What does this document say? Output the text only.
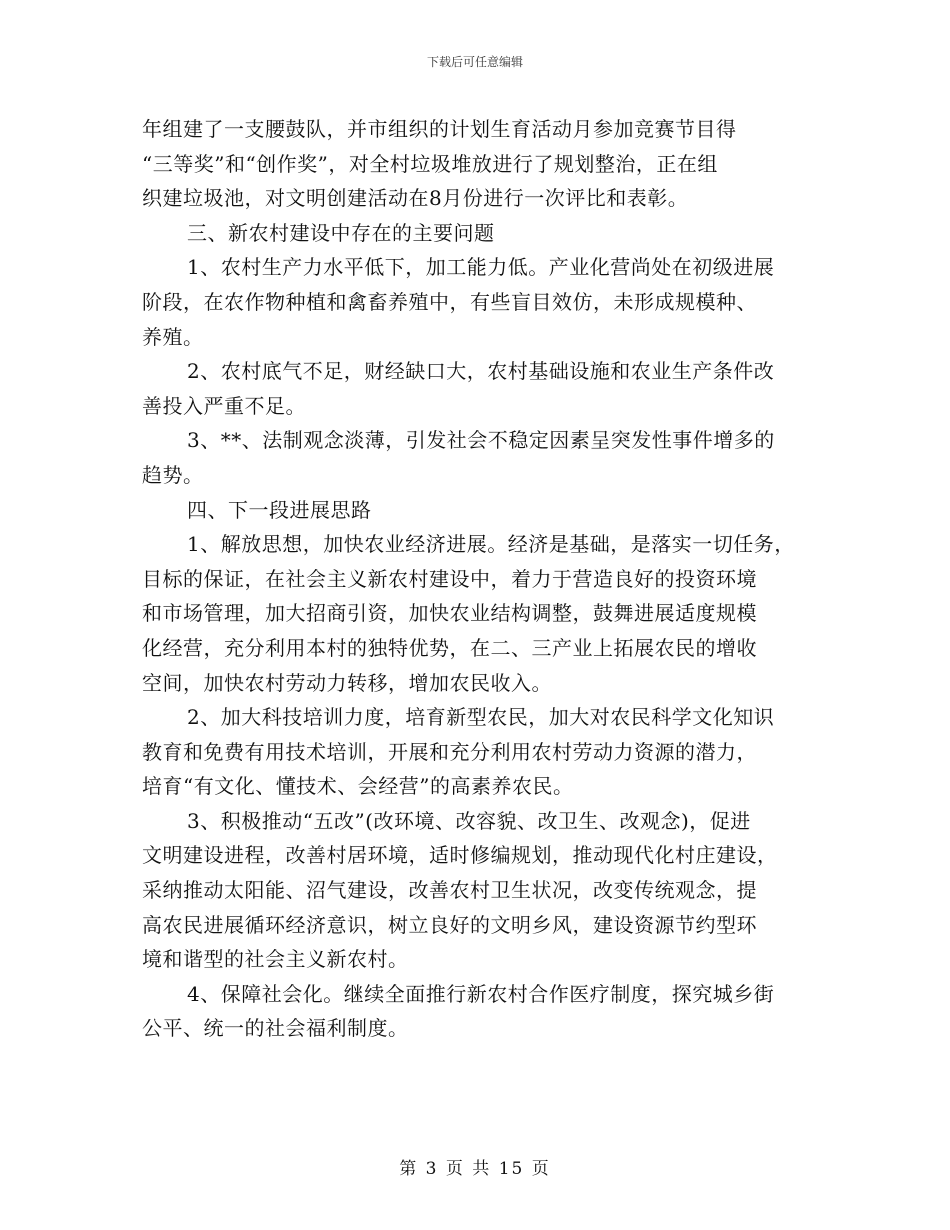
下载后可任意编辑
年组建了一支腰鼓队，并市组织的计划生育活动月参加竞赛节目得
“三等奖”和“创作奖”，对全村垃圾堆放进行了规划整治，正在组
织建垃圾池，对文明创建活动在8月份进行一次评比和表彰。
三、新农村建设中存在的主要问题
1、农村生产力水平低下，加工能力低。产业化营尚处在初级进展
阶段，在农作物种植和禽畜养殖中，有些盲目效仿，未形成规模种、
养殖。
2、农村底气不足，财经缺口大，农村基础设施和农业生产条件改
善投入严重不足。
3、**、法制观念淡薄，引发社会不稳定因素呈突发性事件增多的
趋势。
四、下一段进展思路
1、解放思想，加快农业经济进展。经济是基础，是落实一切任务，
目标的保证，在社会主义新农村建设中，着力于营造良好的投资环境
和市场管理，加大招商引资，加快农业结构调整，鼓舞进展适度规模
化经营，充分利用本村的独特优势，在二、三产业上拓展农民的增收
空间，加快农村劳动力转移，增加农民收入。
2、加大科技培训力度，培育新型农民，加大对农民科学文化知识
教育和免费有用技术培训，开展和充分利用农村劳动力资源的潜力，
培育“有文化、懂技术、会经营”的高素养农民。
3、积极推动“五改”(改环境、改容貌、改卫生、改观念)，促进
文明建设进程，改善村居环境，适时修编规划，推动现代化村庄建设，
采纳推动太阳能、沼气建设，改善农村卫生状况，改变传统观念，提
高农民进展循环经济意识，树立良好的文明乡风，建设资源节约型环
境和谐型的社会主义新农村。
4、保障社会化。继续全面推行新农村合作医疗制度，探究城乡街
公平、统一的社会福利制度。
第 3 页 共 15 页
